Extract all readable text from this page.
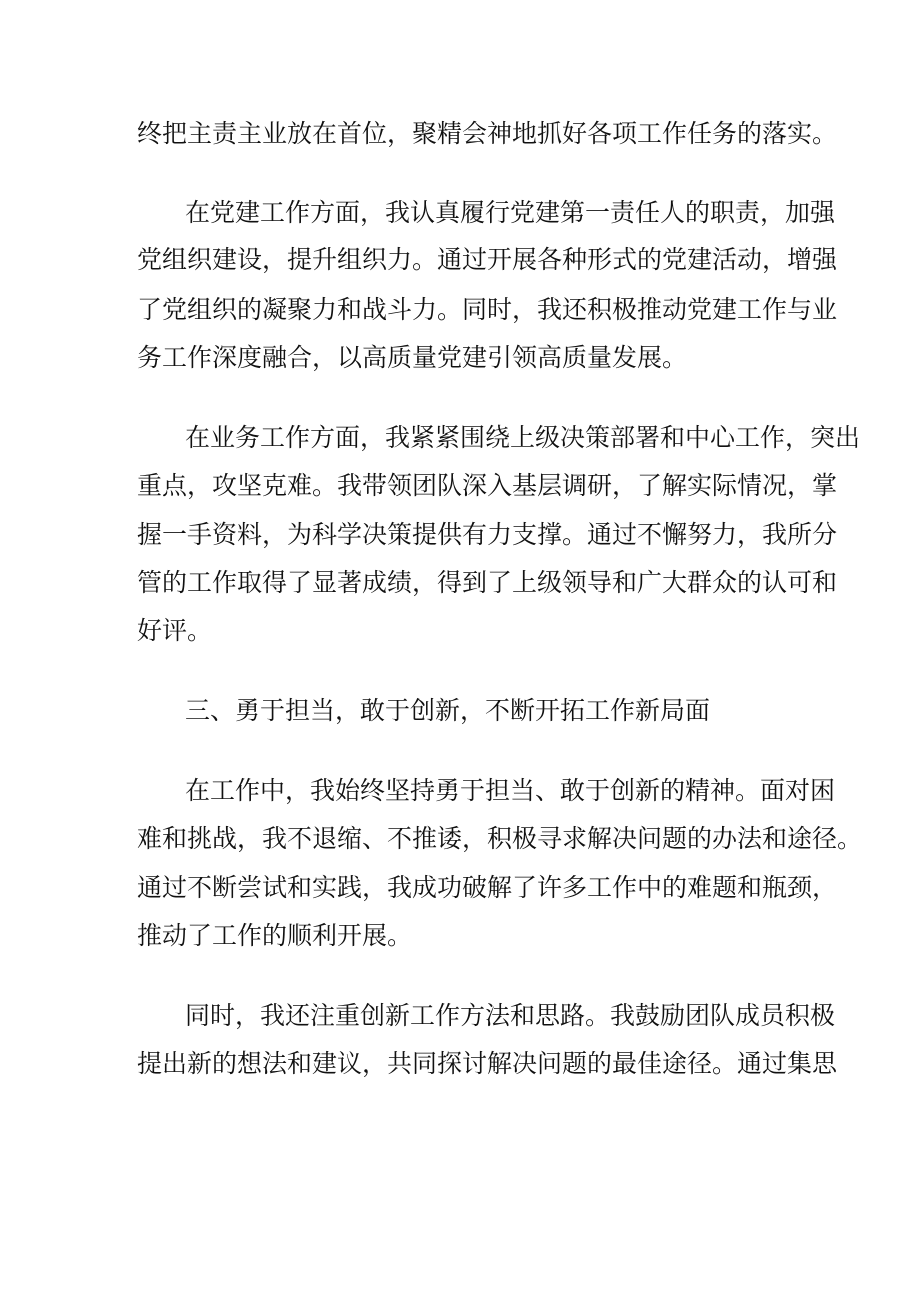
终把主责主业放在首位，聚精会神地抓好各项工作任务的落实。
在党建工作方面，我认真履行党建第一责任人的职责，加强
党组织建设，提升组织力。通过开展各种形式的党建活动，增强
了党组织的凝聚力和战斗力。同时，我还积极推动党建工作与业
务工作深度融合，以高质量党建引领高质量发展。
在业务工作方面，我紧紧围绕上级决策部署和中心工作，突出
重点，攻坚克难。我带领团队深入基层调研，了解实际情况，掌
握一手资料，为科学决策提供有力支撑。通过不懈努力，我所分
管的工作取得了显著成绩，得到了上级领导和广大群众的认可和
好评。
三、勇于担当，敢于创新，不断开拓工作新局面
在工作中，我始终坚持勇于担当、敢于创新的精神。面对困
难和挑战，我不退缩、不推诿，积极寻求解决问题的办法和途径。
通过不断尝试和实践，我成功破解了许多工作中的难题和瓶颈，
推动了工作的顺利开展。
同时，我还注重创新工作方法和思路。我鼓励团队成员积极
提出新的想法和建议，共同探讨解决问题的最佳途径。通过集思
